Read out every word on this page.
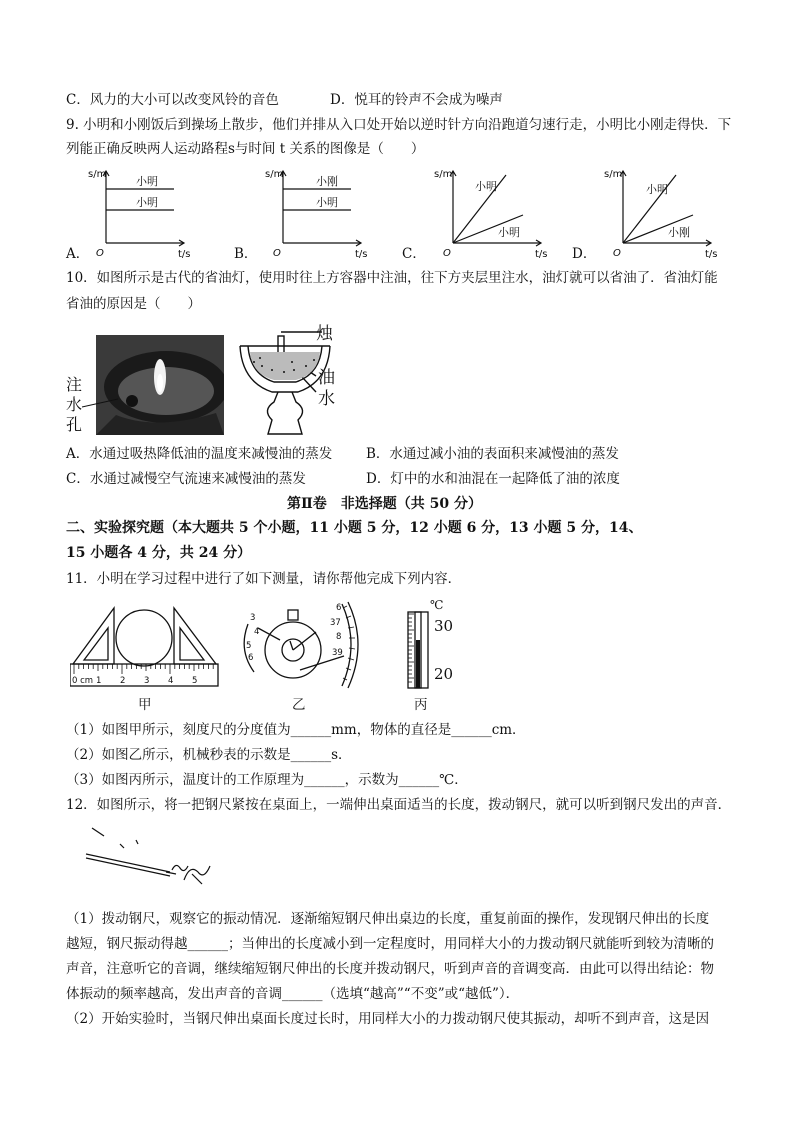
C．风力的大小可以改变风铃的音色	D．悦耳的铃声不会成为噪声
9. 小明和小刚饭后到操场上散步，他们并排从入口处开始以逆时针方向沿跑道匀速行走，小明比小刚走得快．下
列能正确反映两人运动路程s与时间 t 关系的图像是（　　）
s/m
t/s
O
小明
小明
s/m
t/s
O
小刚
小明
s/m
t/s
O
小明
小明
s/m
t/s
O
小明
小刚
A．	B．	C．	D．
10．如图所示是古代的省油灯，使用时往上方容器中注油，往下方夹层里注水，油灯就可以省油了．省油灯能
省油的原因是（　　）
注
水
孔
烛
油
水
A．水通过吸热降低油的温度来减慢油的蒸发	B．水通过减小油的表面积来减慢油的蒸发
C．水通过减慢空气流速来减慢油的蒸发	D．灯中的水和油混在一起降低了油的浓度
第Ⅱ卷　非选择题（共 50 分）
二、实验探究题（本大题共 5 个小题，11 小题 5 分，12 小题 6 分，13 小题 5 分，14、
15 小题各 4 分，共 24 分）
11．小明在学习过程中进行了如下测量，请你帮他完成下列内容．
0 cm 1 2 3 4 5
3
4
5
6
6
37
8
39
℃
30
20
甲	乙	丙
（1）如图甲所示，刻度尺的分度值为______mm，物体的直径是______cm．
（2）如图乙所示，机械秒表的示数是______s．
（3）如图丙所示，温度计的工作原理为______，示数为______℃．
12．如图所示，将一把钢尺紧按在桌面上，一端伸出桌面适当的长度，拨动钢尺，就可以听到钢尺发出的声音．
（1）拨动钢尺，观察它的振动情况．逐渐缩短钢尺伸出桌边的长度，重复前面的操作，发现钢尺伸出的长度
越短，钢尺振动得越______；当伸出的长度减小到一定程度时，用同样大小的力拨动钢尺就能听到较为清晰的
声音，注意听它的音调，继续缩短钢尺伸出的长度并拨动钢尺，听到声音的音调变高．由此可以得出结论：物
体振动的频率越高，发出声音的音调______（选填“越高”“不变”或“越低”）．
（2）开始实验时，当钢尺伸出桌面长度过长时，用同样大小的力拨动钢尺使其振动，却听不到声音，这是因
